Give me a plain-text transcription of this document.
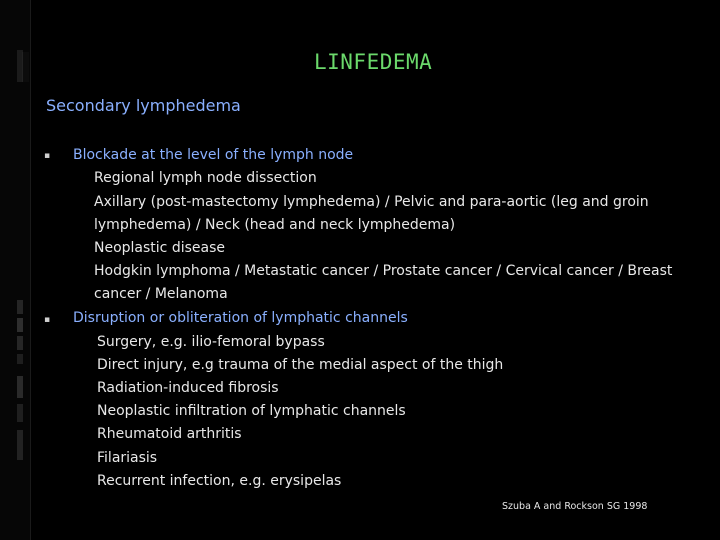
LINFEDEMA
Secondary lymphedema
▪ Blockade at the level of the lymph node

Regional lymph node dissection

Axillary (post-mastectomy lymphedema) / Pelvic and para-aortic (leg and groin

lymphedema) / Neck (head and neck lymphedema)

Neoplastic disease

Hodgkin lymphoma / Metastatic cancer / Prostate cancer / Cervical cancer / Breast

cancer / Melanoma

▪ Disruption or obliteration of lymphatic channels

Surgery, e.g. ilio-femoral bypass

Direct injury, e.g trauma of the medial aspect of the thigh

Radiation-induced fibrosis

Neoplastic infiltration of lymphatic channels

Rheumatoid arthritis

Filariasis

Recurrent infection, e.g. erysipelas

Szuba A and Rockson SG 1998
